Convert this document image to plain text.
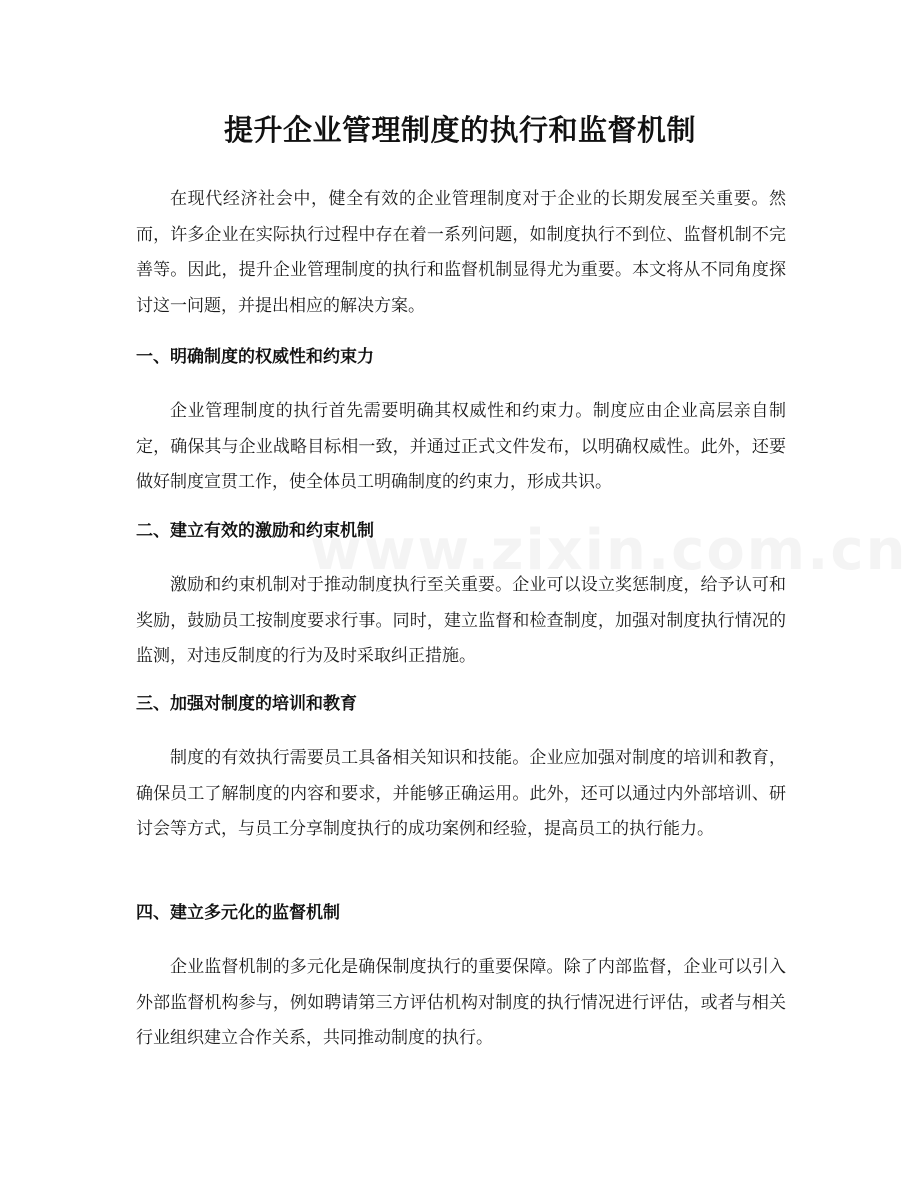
提升企业管理制度的执行和监督机制
在现代经济社会中，健全有效的企业管理制度对于企业的长期发展至关重要。然而，许多企业在实际执行过程中存在着一系列问题，如制度执行不到位、监督机制不完善等。因此，提升企业管理制度的执行和监督机制显得尤为重要。本文将从不同角度探讨这一问题，并提出相应的解决方案。
一、明确制度的权威性和约束力
企业管理制度的执行首先需要明确其权威性和约束力。制度应由企业高层亲自制定，确保其与企业战略目标相一致，并通过正式文件发布，以明确权威性。此外，还要做好制度宣贯工作，使全体员工明确制度的约束力，形成共识。
二、建立有效的激励和约束机制
激励和约束机制对于推动制度执行至关重要。企业可以设立奖惩制度，给予认可和奖励，鼓励员工按制度要求行事。同时，建立监督和检查制度，加强对制度执行情况的监测，对违反制度的行为及时采取纠正措施。
三、加强对制度的培训和教育
制度的有效执行需要员工具备相关知识和技能。企业应加强对制度的培训和教育，确保员工了解制度的内容和要求，并能够正确运用。此外，还可以通过内外部培训、研讨会等方式，与员工分享制度执行的成功案例和经验，提高员工的执行能力。
四、建立多元化的监督机制
企业监督机制的多元化是确保制度执行的重要保障。除了内部监督，企业可以引入外部监督机构参与，例如聘请第三方评估机构对制度的执行情况进行评估，或者与相关行业组织建立合作关系，共同推动制度的执行。
